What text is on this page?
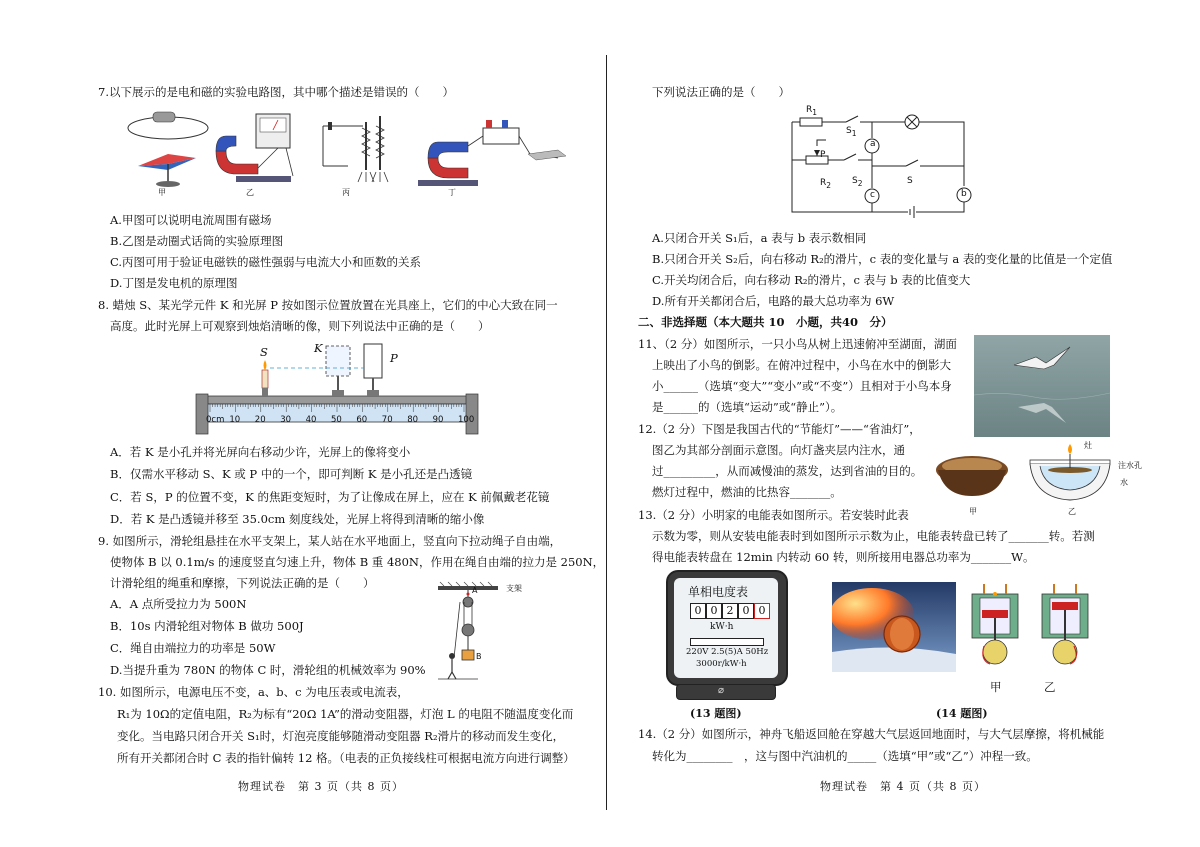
7.以下展示的是电和磁的实验电路图，其中哪个描述是错误的（　　）
甲	乙	丙	丁
A.甲图可以说明电流周围有磁场
B.乙图是动圈式话筒的实验原理图
C.丙图可用于验证电磁铁的磁性强弱与电流大小和匝数的关系
D.丁图是发电机的原理图
8. 蜡烛 S、某光学元件 K 和光屏 P 按如图示位置放置在光具座上，它们的中心大致在同一
高度。此时光屏上可观察到烛焰清晰的像，则下列说法中正确的是（　　）
S	K
P
0cm 10 20 30 40 50 60 70 80 90 100
A．若 K 是小孔并将光屏向右移动少许，光屏上的像将变小
B．仅需水平移动 S、K 或 P 中的一个，即可判断 K 是小孔还是凸透镜
C．若 S，P 的位置不变，K 的焦距变短时，为了让像成在屏上，应在 K 前佩戴老花镜
D．若 K 是凸透镜并移至 35.0cm 刻度线处，光屏上将得到清晰的缩小像
9. 如图所示，滑轮组悬挂在水平支架上，某人站在水平地面上，竖直向下拉动绳子自由端，
使物体 B 以 0.1m/s 的速度竖直匀速上升，物体 B 重 480N，作用在绳自由端的拉力是 250N，
计滑轮组的绳重和摩擦，下列说法正确的是（　　）
A
B
支架
A．A 点所受拉力为 500N
B．10s 内滑轮组对物体 B 做功 500J
C．绳自由端拉力的功率是 50W
D.当提升重为 780N 的物体 C 时，滑轮组的机械效率为 90%
10. 如图所示，电源电压不变，a、b、c 为电压表或电流表，
R₁为 10Ω的定值电阻，R₂为标有“20Ω 1A”的滑动变阻器，灯泡 L 的电阻不随温度变化而
变化。当电路只闭合开关 S₁时，灯泡亮度能够随滑动变阻器 R₂滑片的移动而发生变化，
所有开关都闭合时 C 表的指针偏转 12 格。（电表的正负接线柱可根据电流方向进行调整）
物理试卷　第 3 页（共 8 页）
下列说法正确的是（　　）
$R_1$
$S_1$
P
$R_2$ $S_2$	S
a
b
c
A.只闭合开关 S₁后，a 表与 b 表示数相同
B.只闭合开关 S₂后，向右移动 R₂的滑片，c 表的变化量与 a 表的变化量的比值是一个定值
C.开关均闭合后，向右移动 R₂的滑片，c 表与 b 表的比值变大
D.所有开关都闭合后，电路的最大总功率为 6W
二、非选择题（本大题共 10　小题，共40　分）
11、（2 分）如图所示，一只小鸟从树上迅速俯冲至湖面，湖面
上映出了小鸟的倒影。在俯冲过程中，小鸟在水中的倒影大
小______（选填“变大”“变小”或“不变”）且相对于小鸟本身
是______的（选填“运动”或“静止”）。
12.（2 分）下图是我国古代的“节能灯”——“省油灯”，
图乙为其部分剖面示意图。向灯盏夹层内注水，通
过_________，从而减慢油的蒸发，达到省油的目的。
燃灯过程中，燃油的比热容_______。
甲	乙
灶
注水孔
水
13.（2 分）小明家的电能表如图所示。若安装时此表
示数为零，则从安装电能表时到如图所示示数为止，电能表转盘已转了_______转。若测
得电能表转盘在 12min 内转动 60 转，则所接用电器总功率为_______W。
单相电度表
0 0 2 0 0
kW·h
220V 2.5(5)A 50Hz
3000r/kW·h
⌀	甲	乙
(13 题图)	(14 题图)
14.（2 分）如图所示，神舟飞船返回舱在穿越大气层返回地面时，与大气层摩擦，将机械能
转化为________　，这与图中汽油机的_____（选填“甲”或“乙”）冲程一致。
物理试卷　第 4 页（共 8 页）
